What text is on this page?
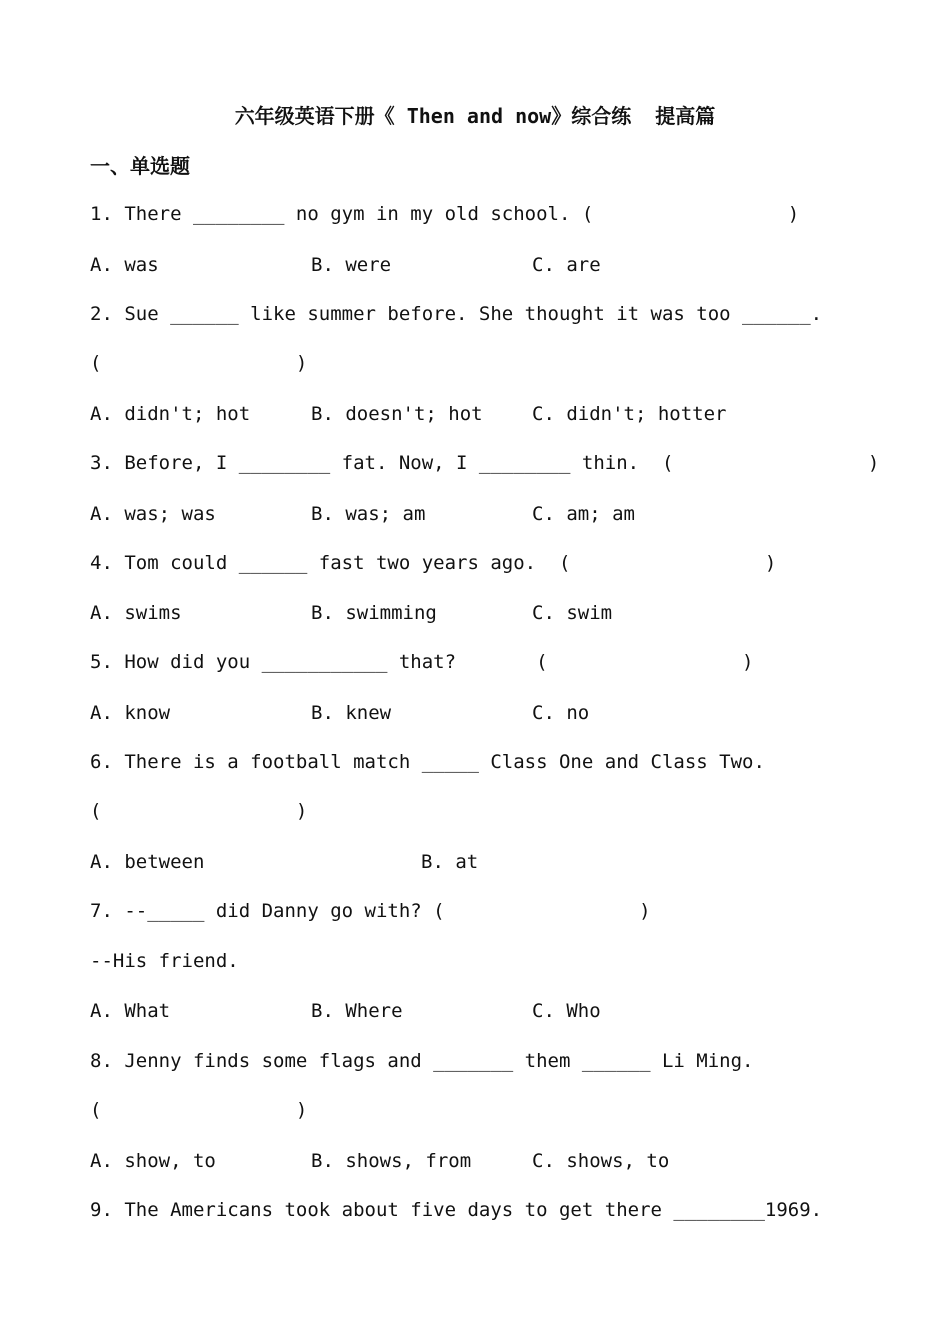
六年级英语下册《 Then and now》综合练  提高篇
一、单选题
1. There ________ no gym in my old school. (                 )
A. was	B. were	C. are
2. Sue ______ like summer before. She thought it was too ______.
(                 )
A. didn't; hot	B. doesn't; hot	C. didn't; hotter
3. Before, I ________ fat. Now, I ________ thin.  (                 )
A. was; was	B. was; am	C. am; am
4. Tom could ______ fast two years ago.  (                 )
A. swims	B. swimming	C. swim
5. How did you ___________ that?       (                 )
A. know	B. knew	C. no
6. There is a football match _____ Class One and Class Two.
(                 )
A. between	B. at
7. --_____ did Danny go with? (                 )
--His friend.
A. What	B. Where	C. Who
8. Jenny finds some flags and _______ them ______ Li Ming.
(                 )
A. show, to	B. shows, from	C. shows, to
9. The Americans took about five days to get there ________1969.
